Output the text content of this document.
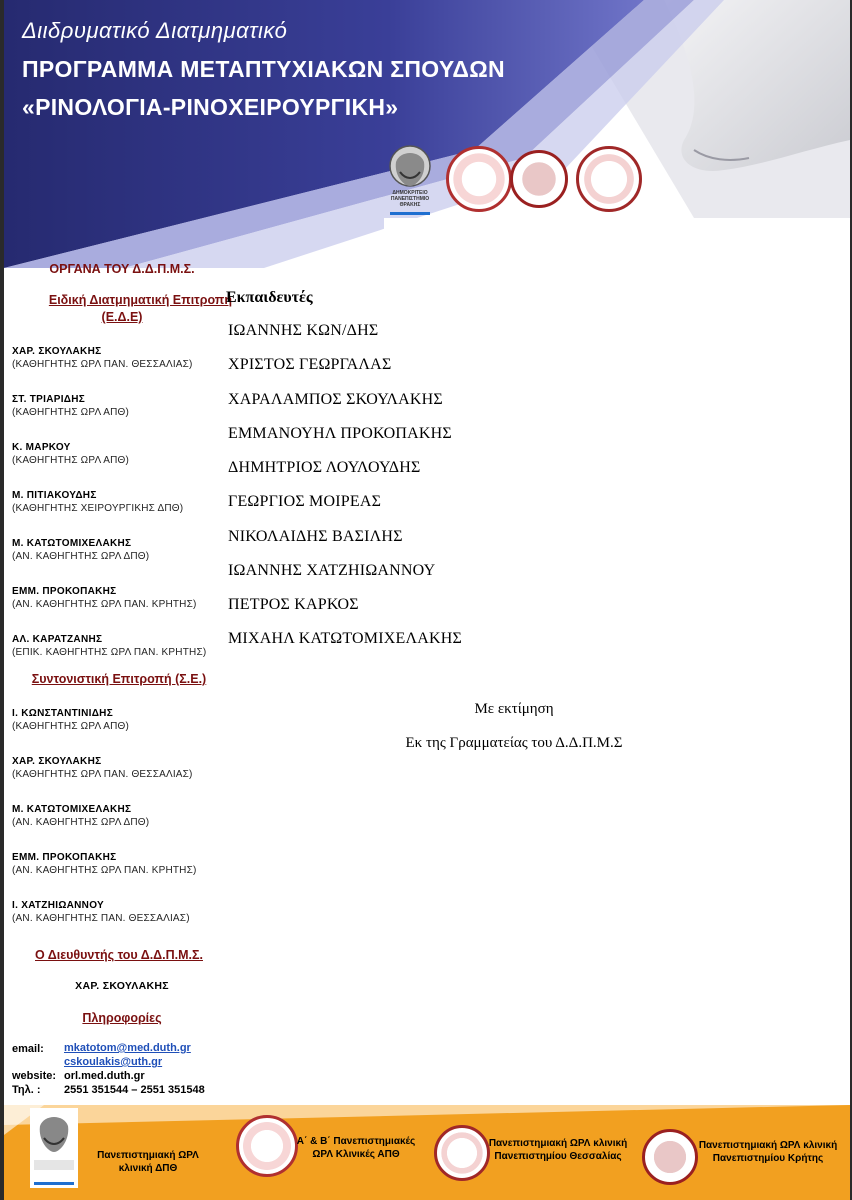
Διιδρυματικό Διατμηματικό
ΠΡΟΓΡΑΜΜΑ ΜΕΤΑΠΤΥΧΙΑΚΩΝ ΣΠΟΥΔΩΝ
«ΡΙΝΟΛΟΓΙΑ-ΡΙΝΟΧΕΙΡΟΥΡΓΙΚΗ»
ΔΗΜΟΚΡΙΤΕΙΟ ΠΑΝΕΠΙΣΤΗΜΙΟ ΘΡΑΚΗΣ
ΟΡΓΑΝΑ ΤΟΥ Δ.Δ.Π.Μ.Σ.
Ειδική Διατμηματική Επιτροπή
(Ε.Δ.Ε)
ΧΑΡ. ΣΚΟΥΛΑΚΗΣ
(ΚΑΘΗΓΗΤΗΣ ΩΡΛ ΠΑΝ. ΘΕΣΣΑΛΙΑΣ)
ΣΤ. ΤΡΙΑΡΙΔΗΣ
(ΚΑΘΗΓΗΤΗΣ ΩΡΛ ΑΠΘ)
Κ. ΜΑΡΚΟΥ
(ΚΑΘΗΓΗΤΗΣ ΩΡΛ ΑΠΘ)
Μ. ΠΙΤΙΑΚΟΥΔΗΣ
(ΚΑΘΗΓΗΤΗΣ ΧΕΙΡΟΥΡΓΙΚΗΣ ΔΠΘ)
Μ. ΚΑΤΩΤΟΜΙΧΕΛΑΚΗΣ
(ΑΝ. ΚΑΘΗΓΗΤΗΣ ΩΡΛ ΔΠΘ)
ΕΜΜ. ΠΡΟΚΟΠΑΚΗΣ
(ΑΝ. ΚΑΘΗΓΗΤΗΣ ΩΡΛ ΠΑΝ. ΚΡΗΤΗΣ)
ΑΛ. ΚΑΡΑΤΖΑΝΗΣ
(ΕΠΙΚ. ΚΑΘΗΓΗΤΗΣ ΩΡΛ ΠΑΝ. ΚΡΗΤΗΣ)
Συντονιστική Επιτροπή (Σ.Ε.)
Ι. ΚΩΝΣΤΑΝΤΙΝΙΔΗΣ
(ΚΑΘΗΓΗΤΗΣ ΩΡΛ ΑΠΘ)
ΧΑΡ. ΣΚΟΥΛΑΚΗΣ
(ΚΑΘΗΓΗΤΗΣ ΩΡΛ ΠΑΝ. ΘΕΣΣΑΛΙΑΣ)
Μ. ΚΑΤΩΤΟΜΙΧΕΛΑΚΗΣ
(ΑΝ. ΚΑΘΗΓΗΤΗΣ ΩΡΛ ΔΠΘ)
ΕΜΜ. ΠΡΟΚΟΠΑΚΗΣ
(ΑΝ. ΚΑΘΗΓΗΤΗΣ ΩΡΛ ΠΑΝ. ΚΡΗΤΗΣ)
Ι. ΧΑΤΖΗΙΩΑΝΝΟΥ
(ΑΝ. ΚΑΘΗΓΗΤΗΣ ΠΑΝ. ΘΕΣΣΑΛΙΑΣ)
Ο Διευθυντής του Δ.Δ.Π.Μ.Σ.
ΧΑΡ. ΣΚΟΥΛΑΚΗΣ
Πληροφορίες
email: mkatotom@med.duth.gr
cskoulakis@uth.gr
website: orl.med.duth.gr
Τηλ. : 2551 351544 – 2551 351548
Εκπαιδευτές
ΙΩΑΝΝΗΣ ΚΩΝ/ΔΗΣ
ΧΡΙΣΤΟΣ ΓΕΩΡΓΑΛΑΣ
ΧΑΡΑΛΑΜΠΟΣ ΣΚΟΥΛΑΚΗΣ
ΕΜΜΑΝΟΥΗΛ ΠΡΟΚΟΠΑΚΗΣ
ΔΗΜΗΤΡΙΟΣ ΛΟΥΛΟΥΔΗΣ
ΓΕΩΡΓΙΟΣ ΜΟΙΡΕΑΣ
ΝΙΚΟΛΑΙΔΗΣ ΒΑΣΙΛΗΣ
ΙΩΑΝΝΗΣ ΧΑΤΖΗΙΩΑΝΝΟΥ
ΠΕΤΡΟΣ ΚΑΡΚΟΣ
ΜΙΧΑΗΛ ΚΑΤΩΤΟΜΙΧΕΛΑΚΗΣ
Με εκτίμηση
Εκ της Γραμματείας του Δ.Δ.Π.Μ.Σ
Πανεπιστημιακή ΩΡΛ κλινική ΔΠΘ
Α΄ & Β΄ Πανεπιστημιακές ΩΡΛ Κλινικές ΑΠΘ
Πανεπιστημιακή ΩΡΛ κλινική Πανεπιστημίου Θεσσαλίας
Πανεπιστημιακή ΩΡΛ κλινική Πανεπιστημίου Κρήτης
